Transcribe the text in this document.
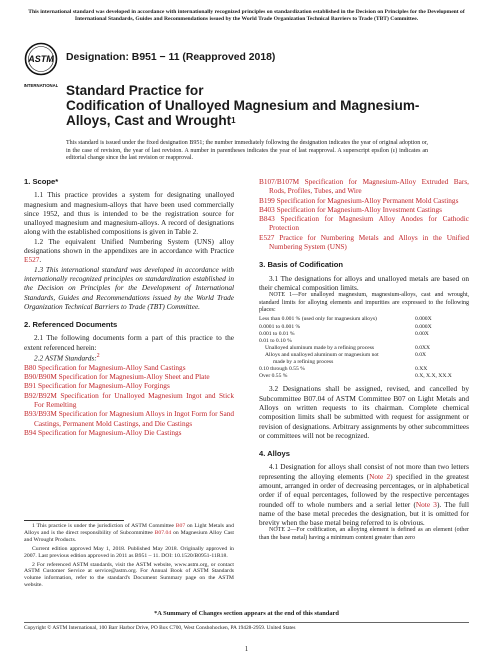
This international standard was developed in accordance with internationally recognized principles on standardization established in the Decision on Principles for the Development of International Standards, Guides and Recommendations issued by the World Trade Organization Technical Barriers to Trade (TBT) Committee.
ASTM
INTERNATIONAL
Designation: B951 − 11 (Reapproved 2018)
Standard Practice for
Codification of Unalloyed Magnesium and Magnesium-
Alloys, Cast and Wrought$^1$
This standard is issued under the fixed designation B951; the number immediately following the designation indicates the year of original adoption or, in the case of revision, the year of last revision. A number in parentheses indicates the year of last reapproval. A superscript epsilon (ε) indicates an editorial change since the last revision or reapproval.
1. Scope*

1.1 This practice provides a system for designating unalloyed magnesium and magnesium-alloys that have been used commercially since 1952, and thus is intended to be the registration source for unalloyed magnesium and magnesium-alloys. A record of designations along with the established compositions is given in Table 2.

1.2 The equivalent Unified Numbering System (UNS) alloy designations shown in the appendixes are in accordance with Practice E527.

1.3 This international standard was developed in accordance with internationally recognized principles on standardization established in the Decision on Principles for the Development of International Standards, Guides and Recommendations issued by the World Trade Organization Technical Barriers to Trade (TBT) Committee.

2. Referenced Documents

2.1 The following documents form a part of this practice to the extent referenced herein:

2.2 ASTM Standards:$^2$

B80 Specification for Magnesium-Alloy Sand Castings

B90/B90M Specification for Magnesium-Alloy Sheet and Plate

B91 Specification for Magnesium-Alloy Forgings

B92/B92M Specification for Unalloyed Magnesium Ingot and Stick For Remelting

B93/B93M Specification for Magnesium Alloys in Ingot Form for Sand Castings, Permanent Mold Castings, and Die Castings

B94 Specification for Magnesium-Alloy Die Castings

B107/B107M Specification for Magnesium-Alloy Extruded Bars, Rods, Profiles, Tubes, and Wire

B199 Specification for Magnesium-Alloy Permanent Mold Castings

B403 Specification for Magnesium-Alloy Investment Castings

B843 Specification for Magnesium Alloy Anodes for Cathodic Protection

E527 Practice for Numbering Metals and Alloys in the Unified Numbering System (UNS)

3. Basis of Codification

3.1 The designations for alloys and unalloyed metals are based on their chemical composition limits.

NOTE 1—For unalloyed magnesium, magnesium-alloys, cast and wrought, standard limits for alloying elements and impurities are expressed to the following places:

Less than 0.001 % (used only for magnesium alloys)	0.000X
0.0001 to 0.001 %	0.000X
0.001 to 0.01 %	0.00X
0.01 to 0.10 %
Unalloyed aluminum made by a refining process	0.0XX
Alloys and unalloyed aluminum or magnesium not	0.0X
made by a refining process
0.10 through 0.55 %	0.XX
Over 0.55 %	0.X, X.X, XX.X

3.2 Designations shall be assigned, revised, and cancelled by Subcommittee B07.04 of ASTM Committee B07 on Light Metals and Alloys on written requests to its chairman. Complete chemical composition limits shall be submitted with request for assignment or revision of designations. Arbitrary assignments by other subcommittees or committees will not be recognized.

4. Alloys

4.1 Designation for alloys shall consist of not more than two letters representing the alloying elements (Note 2) specified in the greatest amount, arranged in order of decreasing percentages, or in alphabetical order if of equal percentages, followed by the respective percentages rounded off to whole numbers and a serial letter (Note 3). The full name of the base metal precedes the designation, but it is omitted for brevity when the base metal being referred to is obvious.

NOTE 2—For codification, an alloying element is defined as an element (other than the base metal) having a minimum content greater than zero

1 This practice is under the jurisdiction of ASTM Committee B07 on Light Metals and Alloys and is the direct responsibility of Subcommittee B07.04 on Magnesium Alloy Cast and Wrought Products.

Current edition approved May 1, 2018. Published May 2018. Originally approved in 2007. Last previous edition approved in 2011 as B951 – 11. DOI: 10.1520/B0951-11R18.

2 For referenced ASTM standards, visit the ASTM website, www.astm.org, or contact ASTM Customer Service at service@astm.org. For Annual Book of ASTM Standards volume information, refer to the standard's Document Summary page on the ASTM website.

*A Summary of Changes section appears at the end of this standard
Copyright © ASTM International, 100 Barr Harbor Drive, PO Box C700, West Conshohocken, PA 19428-2959. United States
1
